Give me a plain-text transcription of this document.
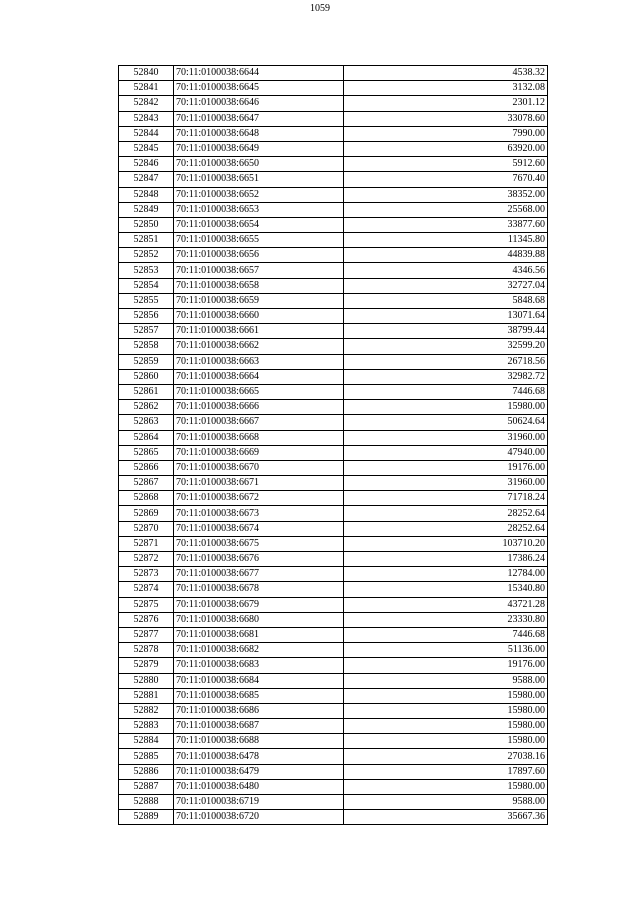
1059
52840	70:11:0100038:6644	4538.32
52841	70:11:0100038:6645	3132.08
52842	70:11:0100038:6646	2301.12
52843	70:11:0100038:6647	33078.60
52844	70:11:0100038:6648	7990.00
52845	70:11:0100038:6649	63920.00
52846	70:11:0100038:6650	5912.60
52847	70:11:0100038:6651	7670.40
52848	70:11:0100038:6652	38352.00
52849	70:11:0100038:6653	25568.00
52850	70:11:0100038:6654	33877.60
52851	70:11:0100038:6655	11345.80
52852	70:11:0100038:6656	44839.88
52853	70:11:0100038:6657	4346.56
52854	70:11:0100038:6658	32727.04
52855	70:11:0100038:6659	5848.68
52856	70:11:0100038:6660	13071.64
52857	70:11:0100038:6661	38799.44
52858	70:11:0100038:6662	32599.20
52859	70:11:0100038:6663	26718.56
52860	70:11:0100038:6664	32982.72
52861	70:11:0100038:6665	7446.68
52862	70:11:0100038:6666	15980.00
52863	70:11:0100038:6667	50624.64
52864	70:11:0100038:6668	31960.00
52865	70:11:0100038:6669	47940.00
52866	70:11:0100038:6670	19176.00
52867	70:11:0100038:6671	31960.00
52868	70:11:0100038:6672	71718.24
52869	70:11:0100038:6673	28252.64
52870	70:11:0100038:6674	28252.64
52871	70:11:0100038:6675	103710.20
52872	70:11:0100038:6676	17386.24
52873	70:11:0100038:6677	12784.00
52874	70:11:0100038:6678	15340.80
52875	70:11:0100038:6679	43721.28
52876	70:11:0100038:6680	23330.80
52877	70:11:0100038:6681	7446.68
52878	70:11:0100038:6682	51136.00
52879	70:11:0100038:6683	19176.00
52880	70:11:0100038:6684	9588.00
52881	70:11:0100038:6685	15980.00
52882	70:11:0100038:6686	15980.00
52883	70:11:0100038:6687	15980.00
52884	70:11:0100038:6688	15980.00
52885	70:11:0100038:6478	27038.16
52886	70:11:0100038:6479	17897.60
52887	70:11:0100038:6480	15980.00
52888	70:11:0100038:6719	9588.00
52889	70:11:0100038:6720	35667.36
